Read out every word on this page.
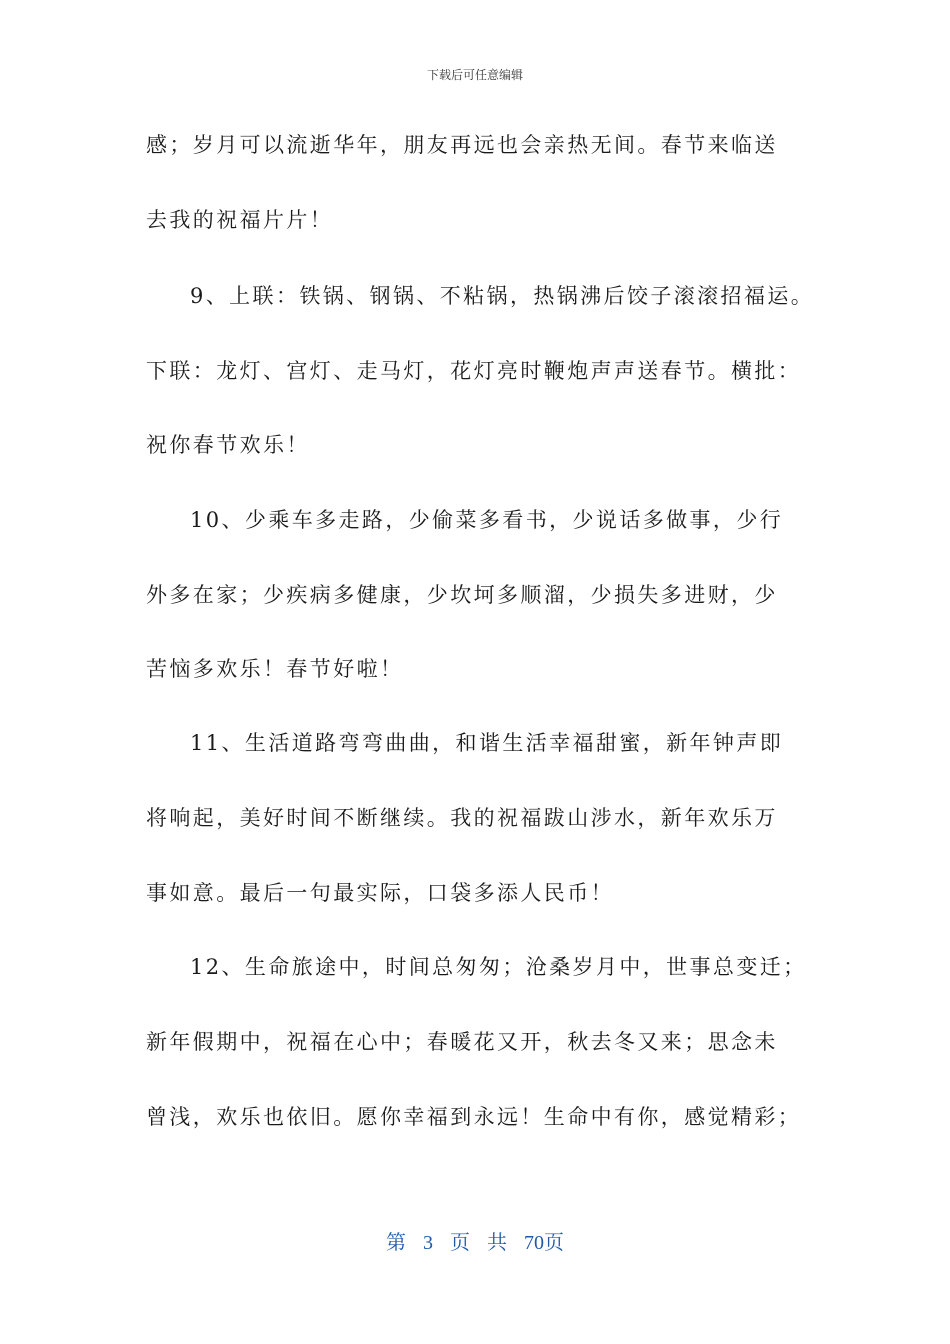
下载后可任意编辑
感；岁月可以流逝华年，朋友再远也会亲热无间。春节来临送
去我的祝福片片！
9、上联：铁锅、钢锅、不粘锅，热锅沸后饺子滚滚招福运。
下联：龙灯、宫灯、走马灯，花灯亮时鞭炮声声送春节。横批：
祝你春节欢乐！
10、少乘车多走路，少偷菜多看书，少说话多做事，少行
外多在家；少疾病多健康，少坎坷多顺溜，少损失多进财，少
苦恼多欢乐！春节好啦！
11、生活道路弯弯曲曲，和谐生活幸福甜蜜，新年钟声即
将响起，美好时间不断继续。我的祝福跋山涉水，新年欢乐万
事如意。最后一句最实际，口袋多添人民币！
12、生命旅途中，时间总匆匆；沧桑岁月中，世事总变迁；
新年假期中，祝福在心中；春暖花又开，秋去冬又来；思念未
曾浅，欢乐也依旧。愿你幸福到永远！生命中有你，感觉精彩；
第 3 页 共 70页
